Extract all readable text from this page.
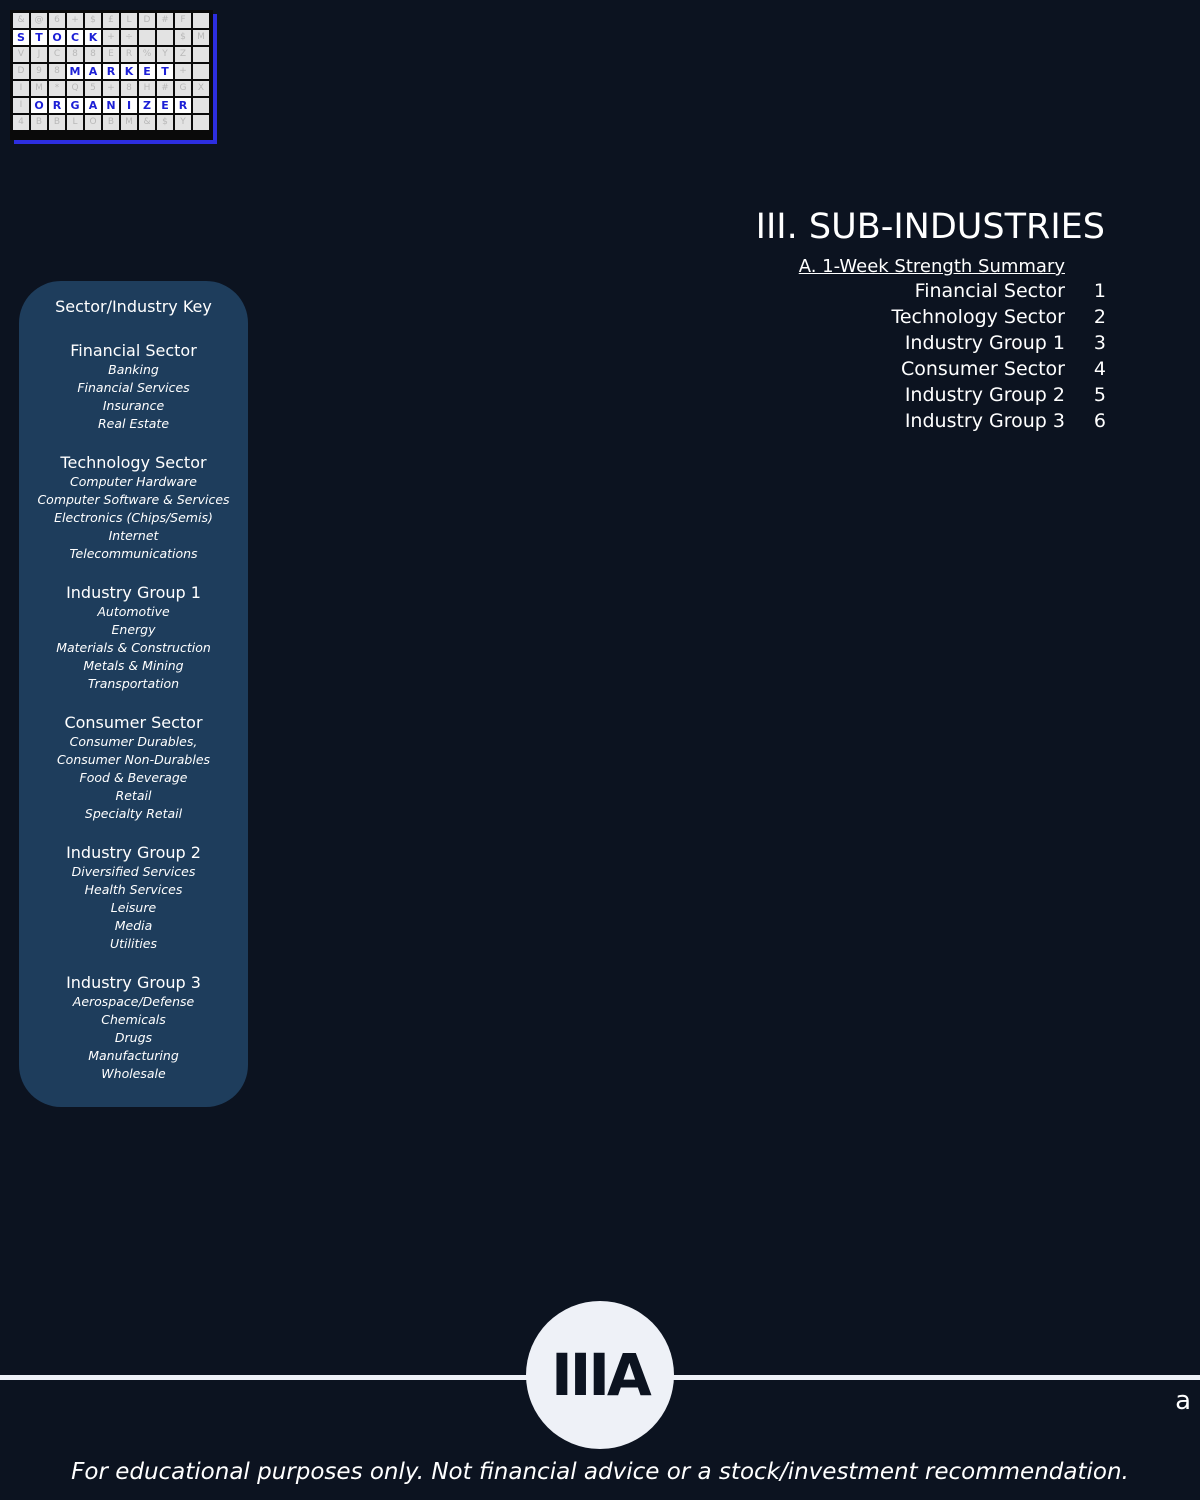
&	@	6	+	$	£	L	D	#	F
S T O C K	+	÷	$	M
V	J	C	8	8	E	R	%	Y	Z
D	9	8 M A R K E T	+
I	M	*	Q	5	+	8	H	#	G	X
I	O R G A N	I	Z E R
4	B	B	L	O	B	M	&	$	Y
III. SUB-INDUSTRIES
A. 1-Week Strength Summary
Financial Sector	1
Technology Sector	2
Industry Group 1	3
Consumer Sector	4
Industry Group 2	5
Industry Group 3	6
Sector/Industry Key
Financial Sector
Banking
Financial Services
Insurance
Real Estate
Technology Sector
Computer Hardware
Computer Software & Services
Electronics (Chips/Semis)
Internet
Telecommunications
Industry Group 1
Automotive
Energy
Materials & Construction
Metals & Mining
Transportation
Consumer Sector
Consumer Durables,
Consumer Non-Durables
Food & Beverage
Retail
Specialty Retail
Industry Group 2
Diversified Services
Health Services
Leisure
Media
Utilities
Industry Group 3
Aerospace/Defense
Chemicals
Drugs
Manufacturing
Wholesale
IIIA	a
For educational purposes only. Not financial advice or a stock/investment recommendation.
